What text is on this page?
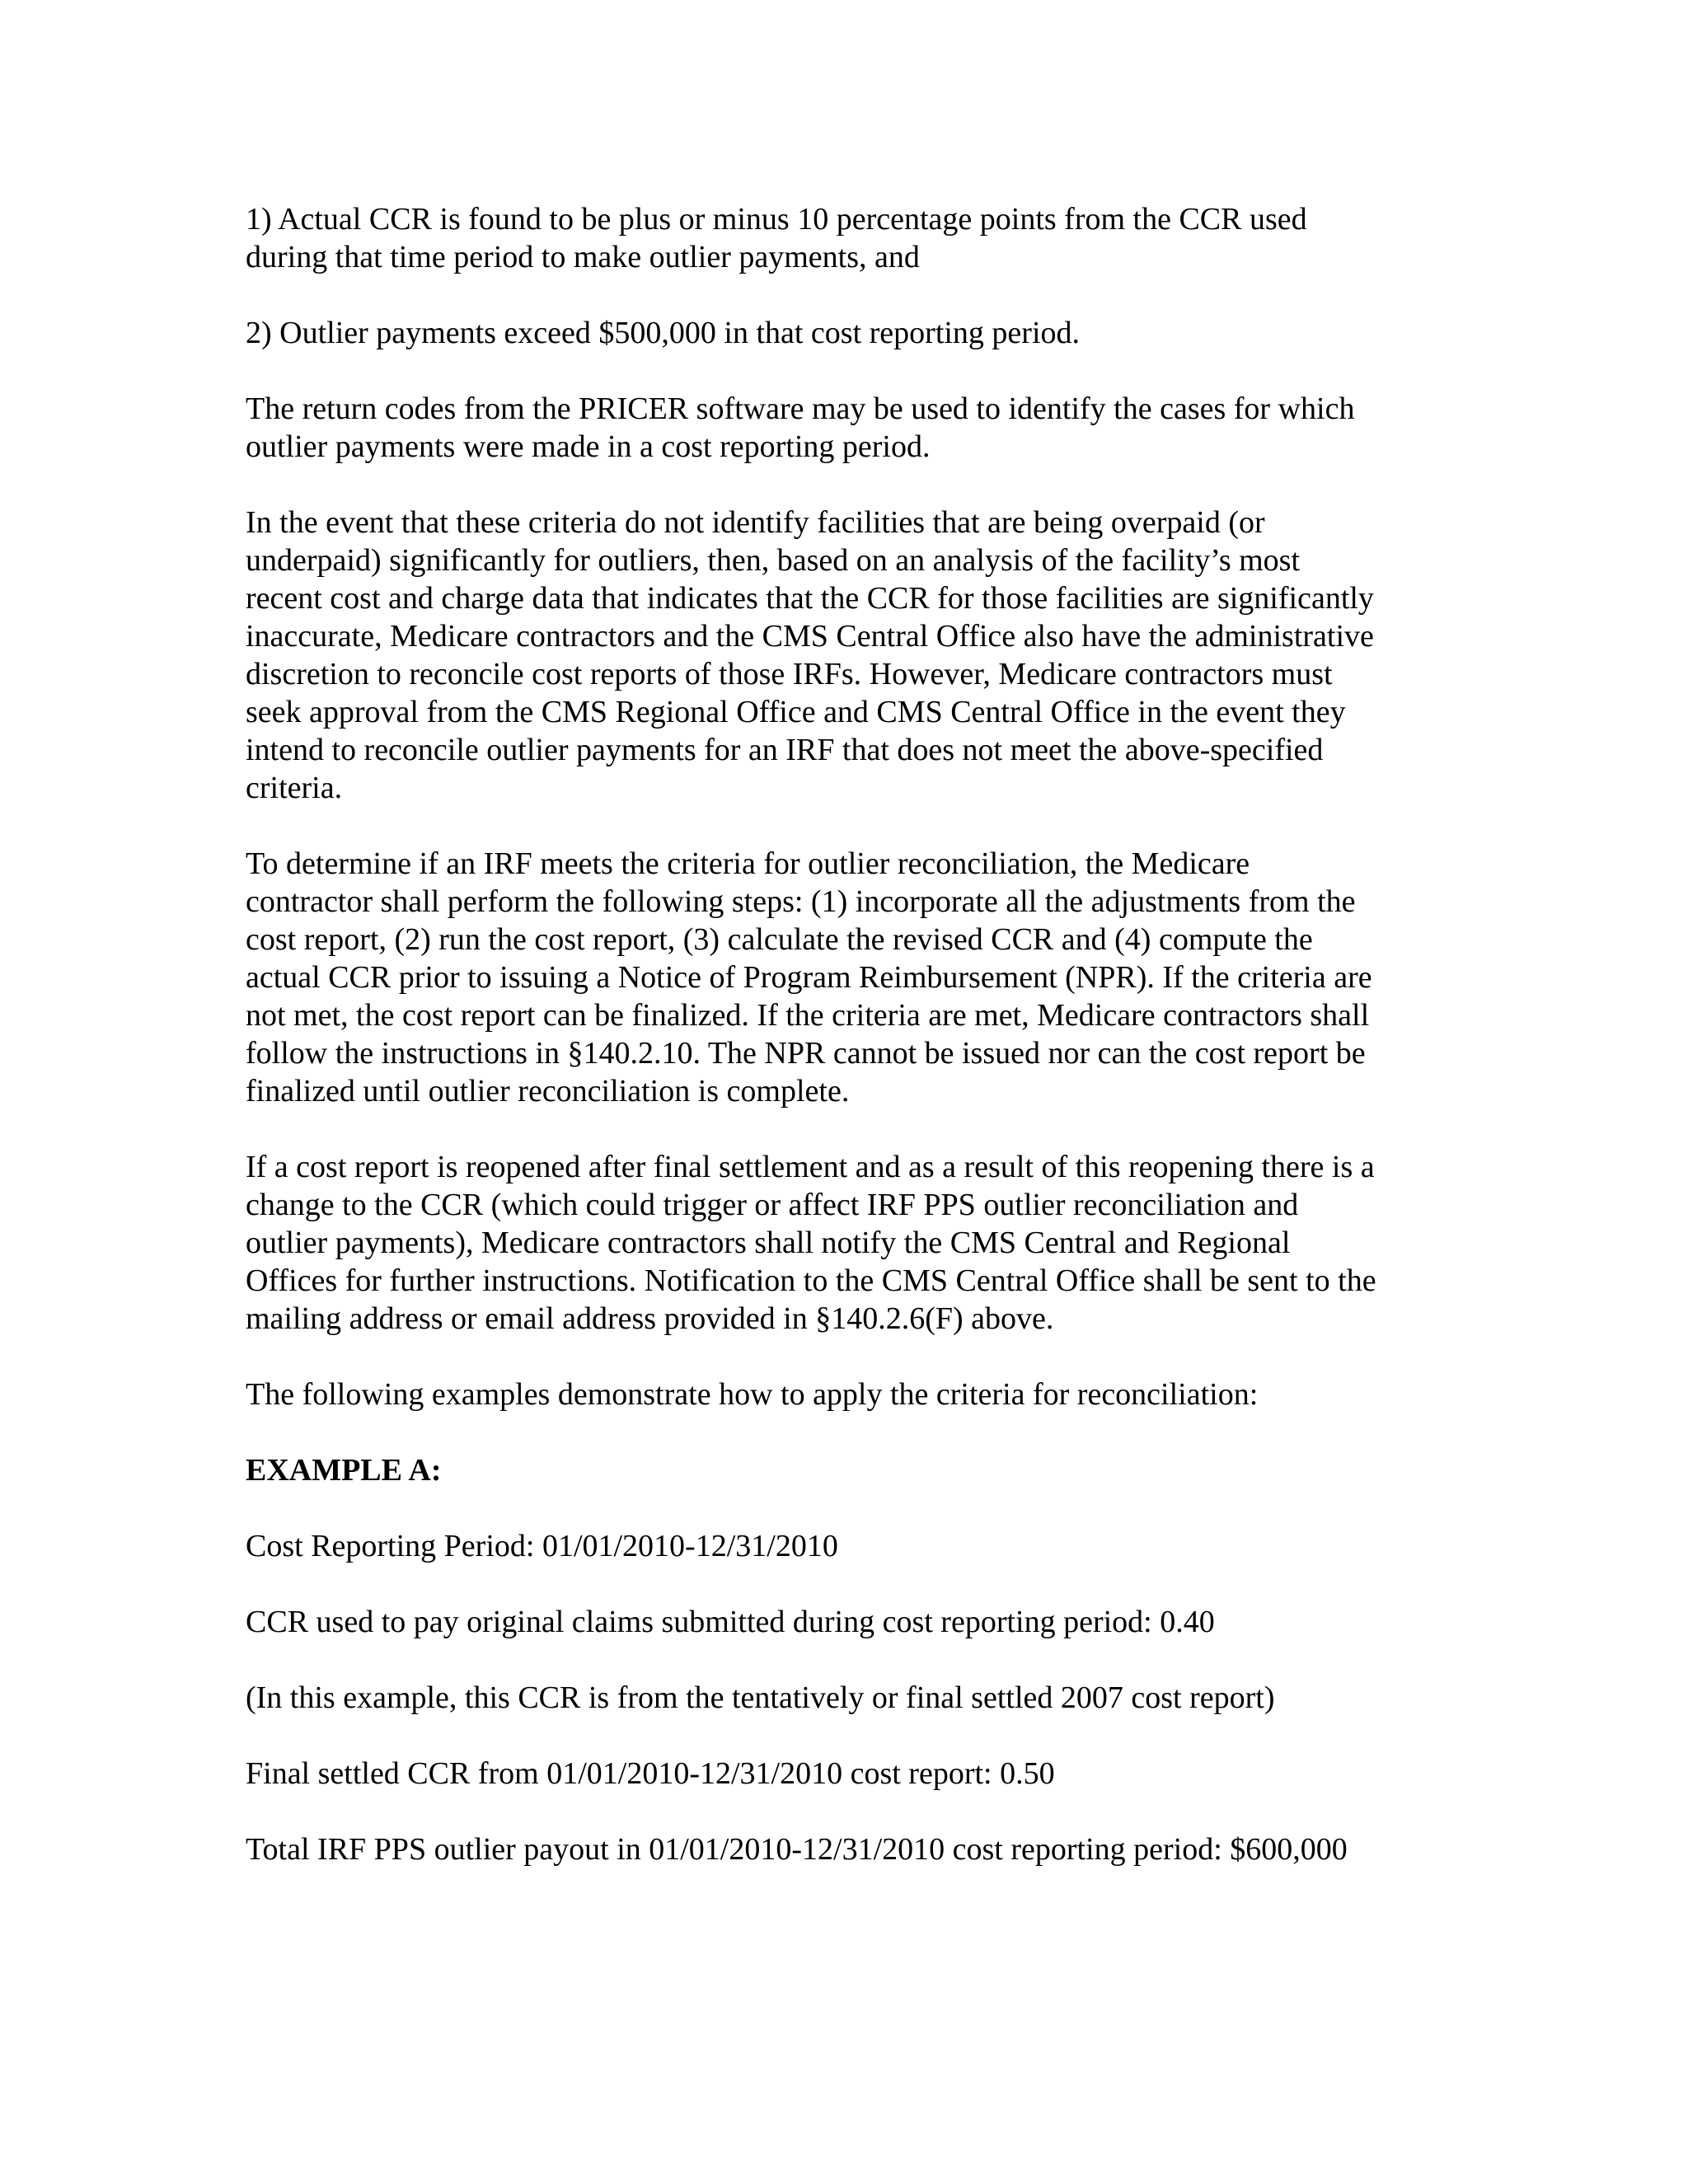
1) Actual CCR is found to be plus or minus 10 percentage points from the CCR used
during that time period to make outlier payments, and
2) Outlier payments exceed $500,000 in that cost reporting period.
The return codes from the PRICER software may be used to identify the cases for which
outlier payments were made in a cost reporting period.
In the event that these criteria do not identify facilities that are being overpaid (or
underpaid) significantly for outliers, then, based on an analysis of the facility’s most
recent cost and charge data that indicates that the CCR for those facilities are significantly
inaccurate, Medicare contractors and the CMS Central Office also have the administrative
discretion to reconcile cost reports of those IRFs. However, Medicare contractors must
seek approval from the CMS Regional Office and CMS Central Office in the event they
intend to reconcile outlier payments for an IRF that does not meet the above-specified
criteria.
To determine if an IRF meets the criteria for outlier reconciliation, the Medicare
contractor shall perform the following steps: (1) incorporate all the adjustments from the
cost report, (2) run the cost report, (3) calculate the revised CCR and (4) compute the
actual CCR prior to issuing a Notice of Program Reimbursement (NPR). If the criteria are
not met, the cost report can be finalized. If the criteria are met, Medicare contractors shall
follow the instructions in §140.2.10. The NPR cannot be issued nor can the cost report be
finalized until outlier reconciliation is complete.
If a cost report is reopened after final settlement and as a result of this reopening there is a
change to the CCR (which could trigger or affect IRF PPS outlier reconciliation and
outlier payments), Medicare contractors shall notify the CMS Central and Regional
Offices for further instructions. Notification to the CMS Central Office shall be sent to the
mailing address or email address provided in §140.2.6(F) above.
The following examples demonstrate how to apply the criteria for reconciliation:
EXAMPLE A:
Cost Reporting Period: 01/01/2010-12/31/2010
CCR used to pay original claims submitted during cost reporting period: 0.40
(In this example, this CCR is from the tentatively or final settled 2007 cost report)
Final settled CCR from 01/01/2010-12/31/2010 cost report: 0.50
Total IRF PPS outlier payout in 01/01/2010-12/31/2010 cost reporting period: $600,000
